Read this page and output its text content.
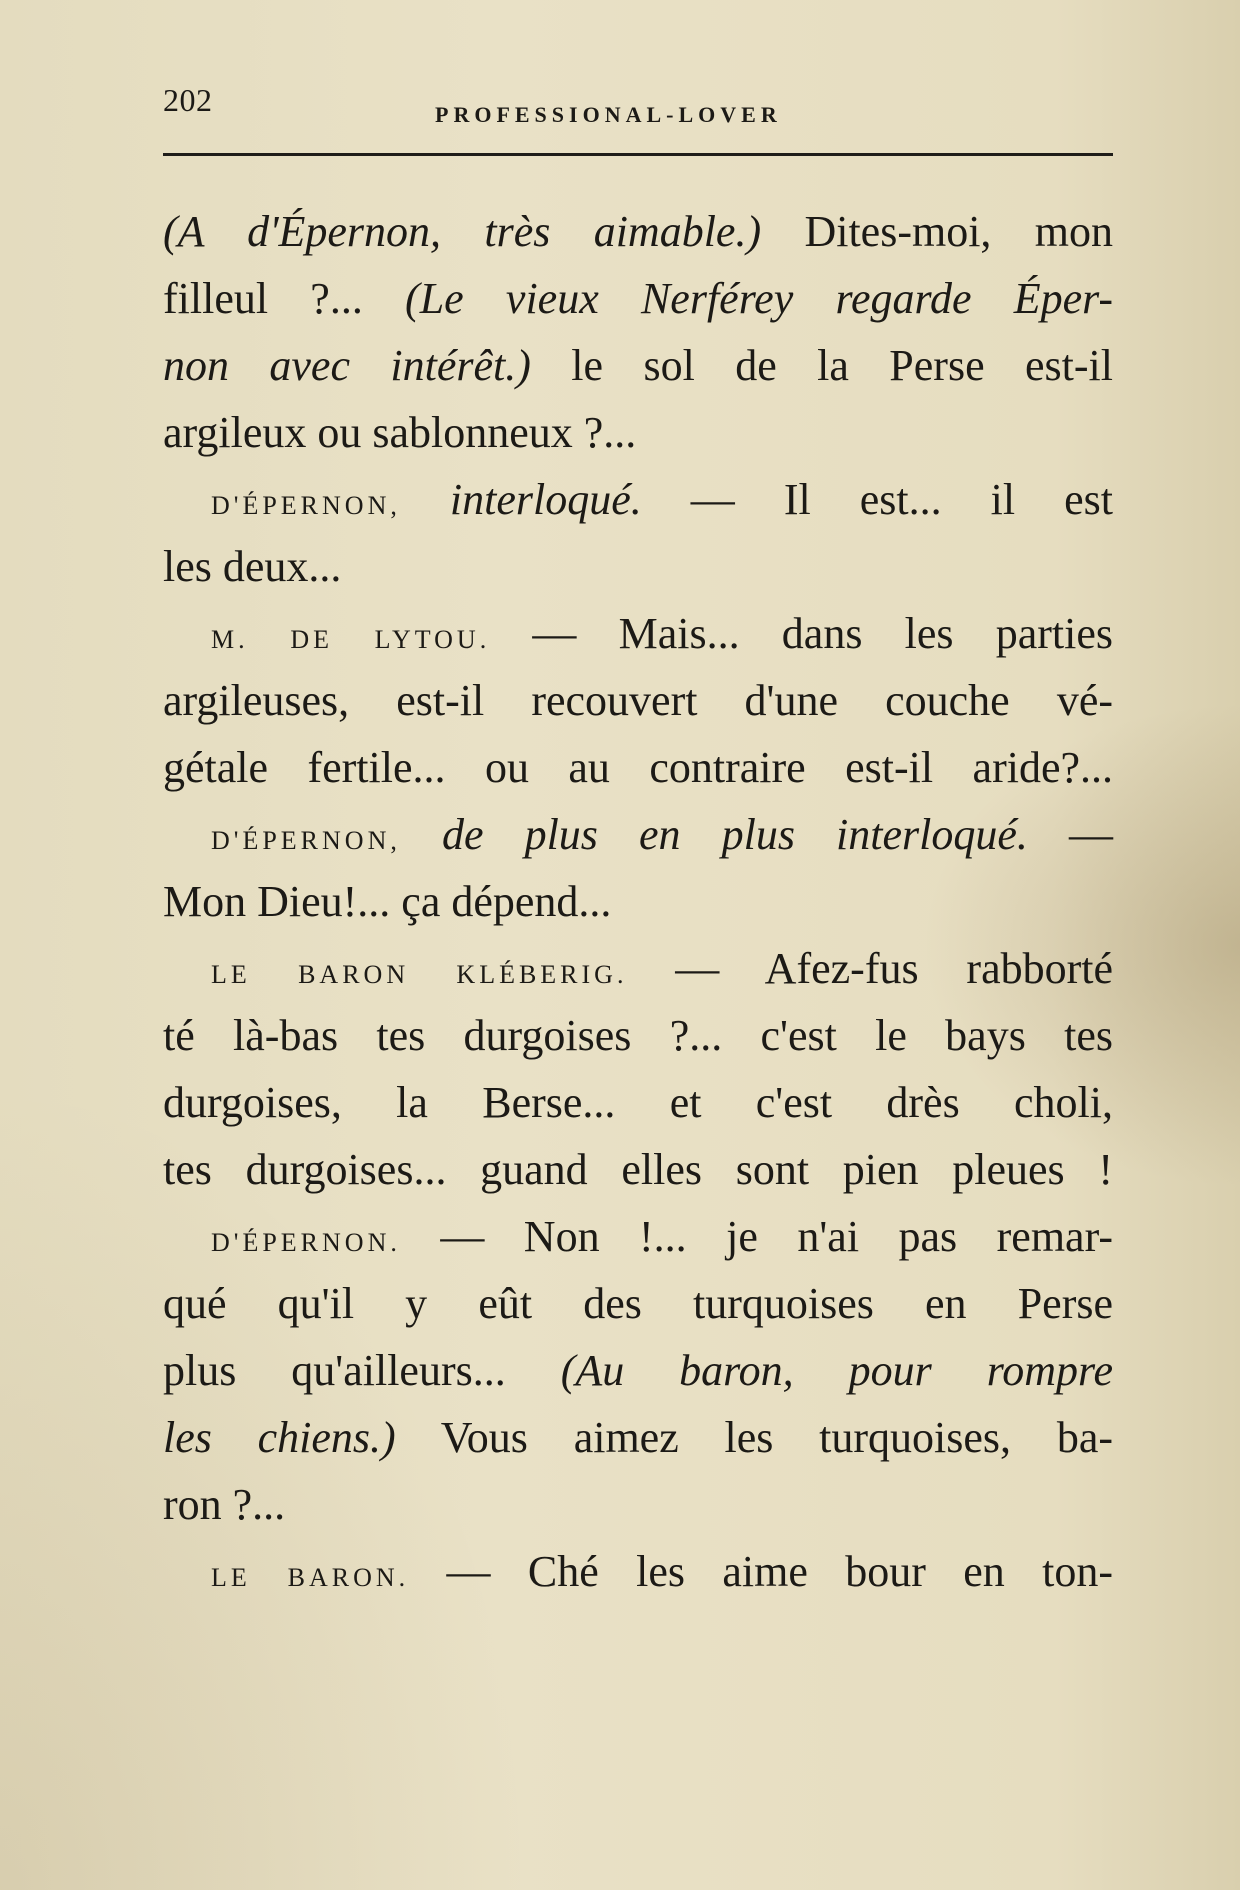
202	PROFESSIONAL-LOVER
(A d'Épernon, très aimable.) Dites-moi, mon
filleul ?... (Le vieux Nerférey regarde Éper-
non avec intérêt.) le sol de la Perse est-il
argileux ou sablonneux ?...
D'ÉPERNON, interloqué. — Il est... il est
les deux...
M. DE LYTOU. — Mais... dans les parties
argileuses, est-il recouvert d'une couche vé-
gétale fertile... ou au contraire est-il aride?...
D'ÉPERNON, de plus en plus interloqué. —
Mon Dieu!... ça dépend...
LE BARON KLÉBERIG. — Afez-fus rabborté
té là-bas tes durgoises ?... c'est le bays tes
durgoises, la Berse... et c'est drès choli,
tes durgoises... guand elles sont pien pleues !
D'ÉPERNON. — Non !... je n'ai pas remar-
qué qu'il y eût des turquoises en Perse
plus qu'ailleurs... (Au baron, pour rompre
les chiens.) Vous aimez les turquoises, ba-
ron ?...
LE BARON. — Ché les aime bour en ton-
